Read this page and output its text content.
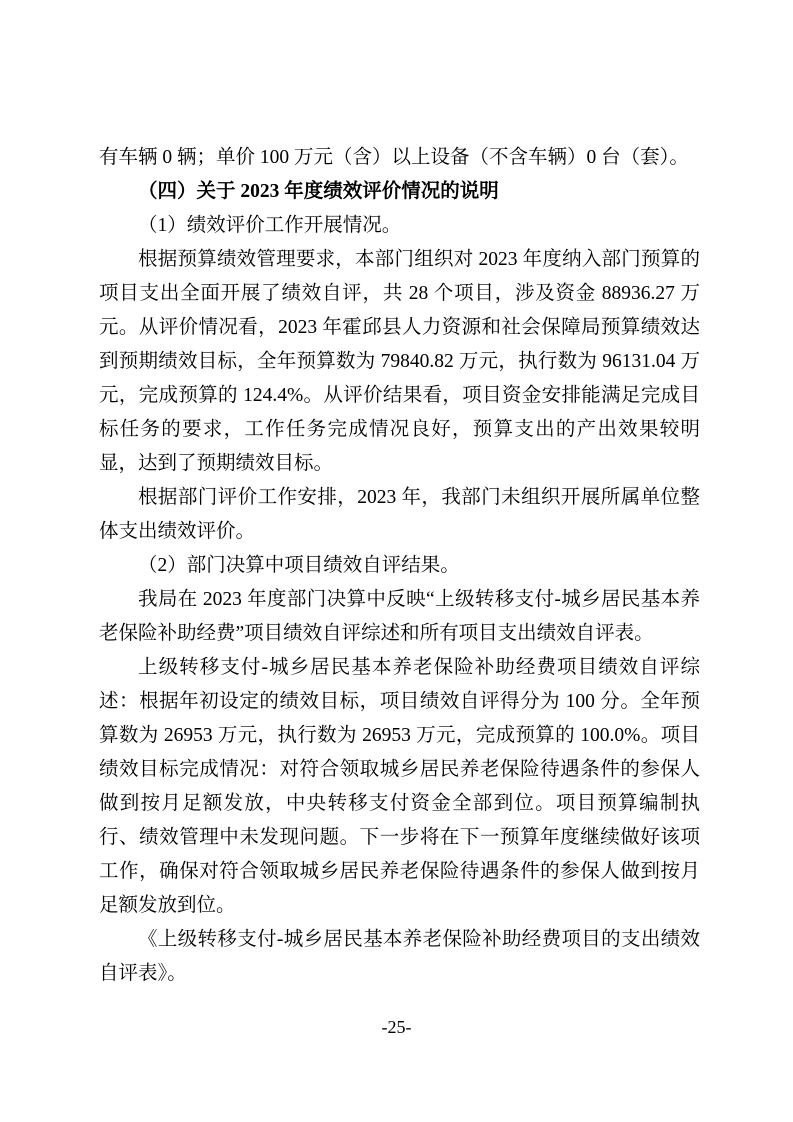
有车辆 0 辆；单价 100 万元（含）以上设备（不含车辆）0 台（套）。

（四）关于 2023 年度绩效评价情况的说明

（1）绩效评价工作开展情况。

根据预算绩效管理要求，本部门组织对 2023 年度纳入部门预算的项目支出全面开展了绩效自评，共 28 个项目，涉及资金 88936.27 万元。从评价情况看，2023 年霍邱县人力资源和社会保障局预算绩效达到预期绩效目标，全年预算数为 79840.82 万元，执行数为 96131.04 万元，完成预算的 124.4%。从评价结果看，项目资金安排能满足完成目标任务的要求，工作任务完成情况良好，预算支出的产出效果较明显，达到了预期绩效目标。

根据部门评价工作安排，2023 年，我部门未组织开展所属单位整体支出绩效评价。

（2）部门决算中项目绩效自评结果。

我局在 2023 年度部门决算中反映“上级转移支付-城乡居民基本养老保险补助经费”项目绩效自评综述和所有项目支出绩效自评表。

上级转移支付-城乡居民基本养老保险补助经费项目绩效自评综述：根据年初设定的绩效目标，项目绩效自评得分为 100 分。全年预算数为 26953 万元，执行数为 26953 万元，完成预算的 100.0%。项目绩效目标完成情况：对符合领取城乡居民养老保险待遇条件的参保人做到按月足额发放，中央转移支付资金全部到位。项目预算编制执行、绩效管理中未发现问题。下一步将在下一预算年度继续做好该项工作，确保对符合领取城乡居民养老保险待遇条件的参保人做到按月足额发放到位。

《上级转移支付-城乡居民基本养老保险补助经费项目的支出绩效自评表》。

-25-
